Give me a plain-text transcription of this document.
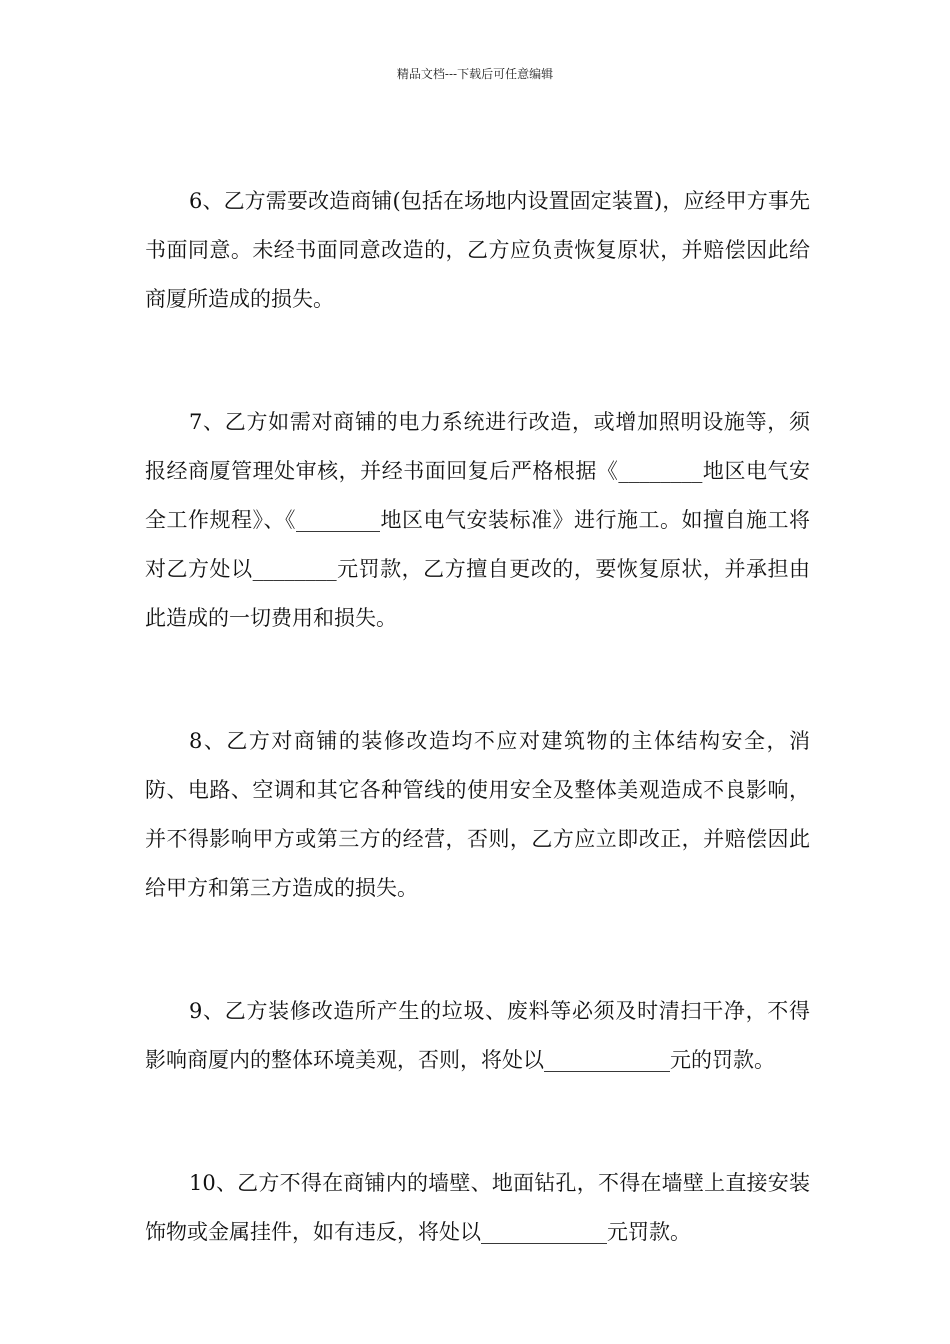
精品文档---下载后可任意编辑

6、乙方需要改造商铺(包括在场地内设置固定装置)，应经甲方事先书面同意。未经书面同意改造的，乙方应负责恢复原状，并赔偿因此给商厦所造成的损失。

7、乙方如需对商铺的电力系统进行改造，或增加照明设施等，须报经商厦管理处审核，并经书面回复后严格根据《________地区电气安全工作规程》、《________地区电气安装标准》进行施工。如擅自施工将对乙方处以________元罚款，乙方擅自更改的，要恢复原状，并承担由此造成的一切费用和损失。

8、乙方对商铺的装修改造均不应对建筑物的主体结构安全，消防、电路、空调和其它各种管线的使用安全及整体美观造成不良影响，并不得影响甲方或第三方的经营，否则，乙方应立即改正，并赔偿因此给甲方和第三方造成的损失。

9、乙方装修改造所产生的垃圾、废料等必须及时清扫干净，不得影响商厦内的整体环境美观，否则，将处以____________元的罚款。

10、乙方不得在商铺内的墙壁、地面钻孔，不得在墙壁上直接安装饰物或金属挂件，如有违反，将处以____________元罚款。
